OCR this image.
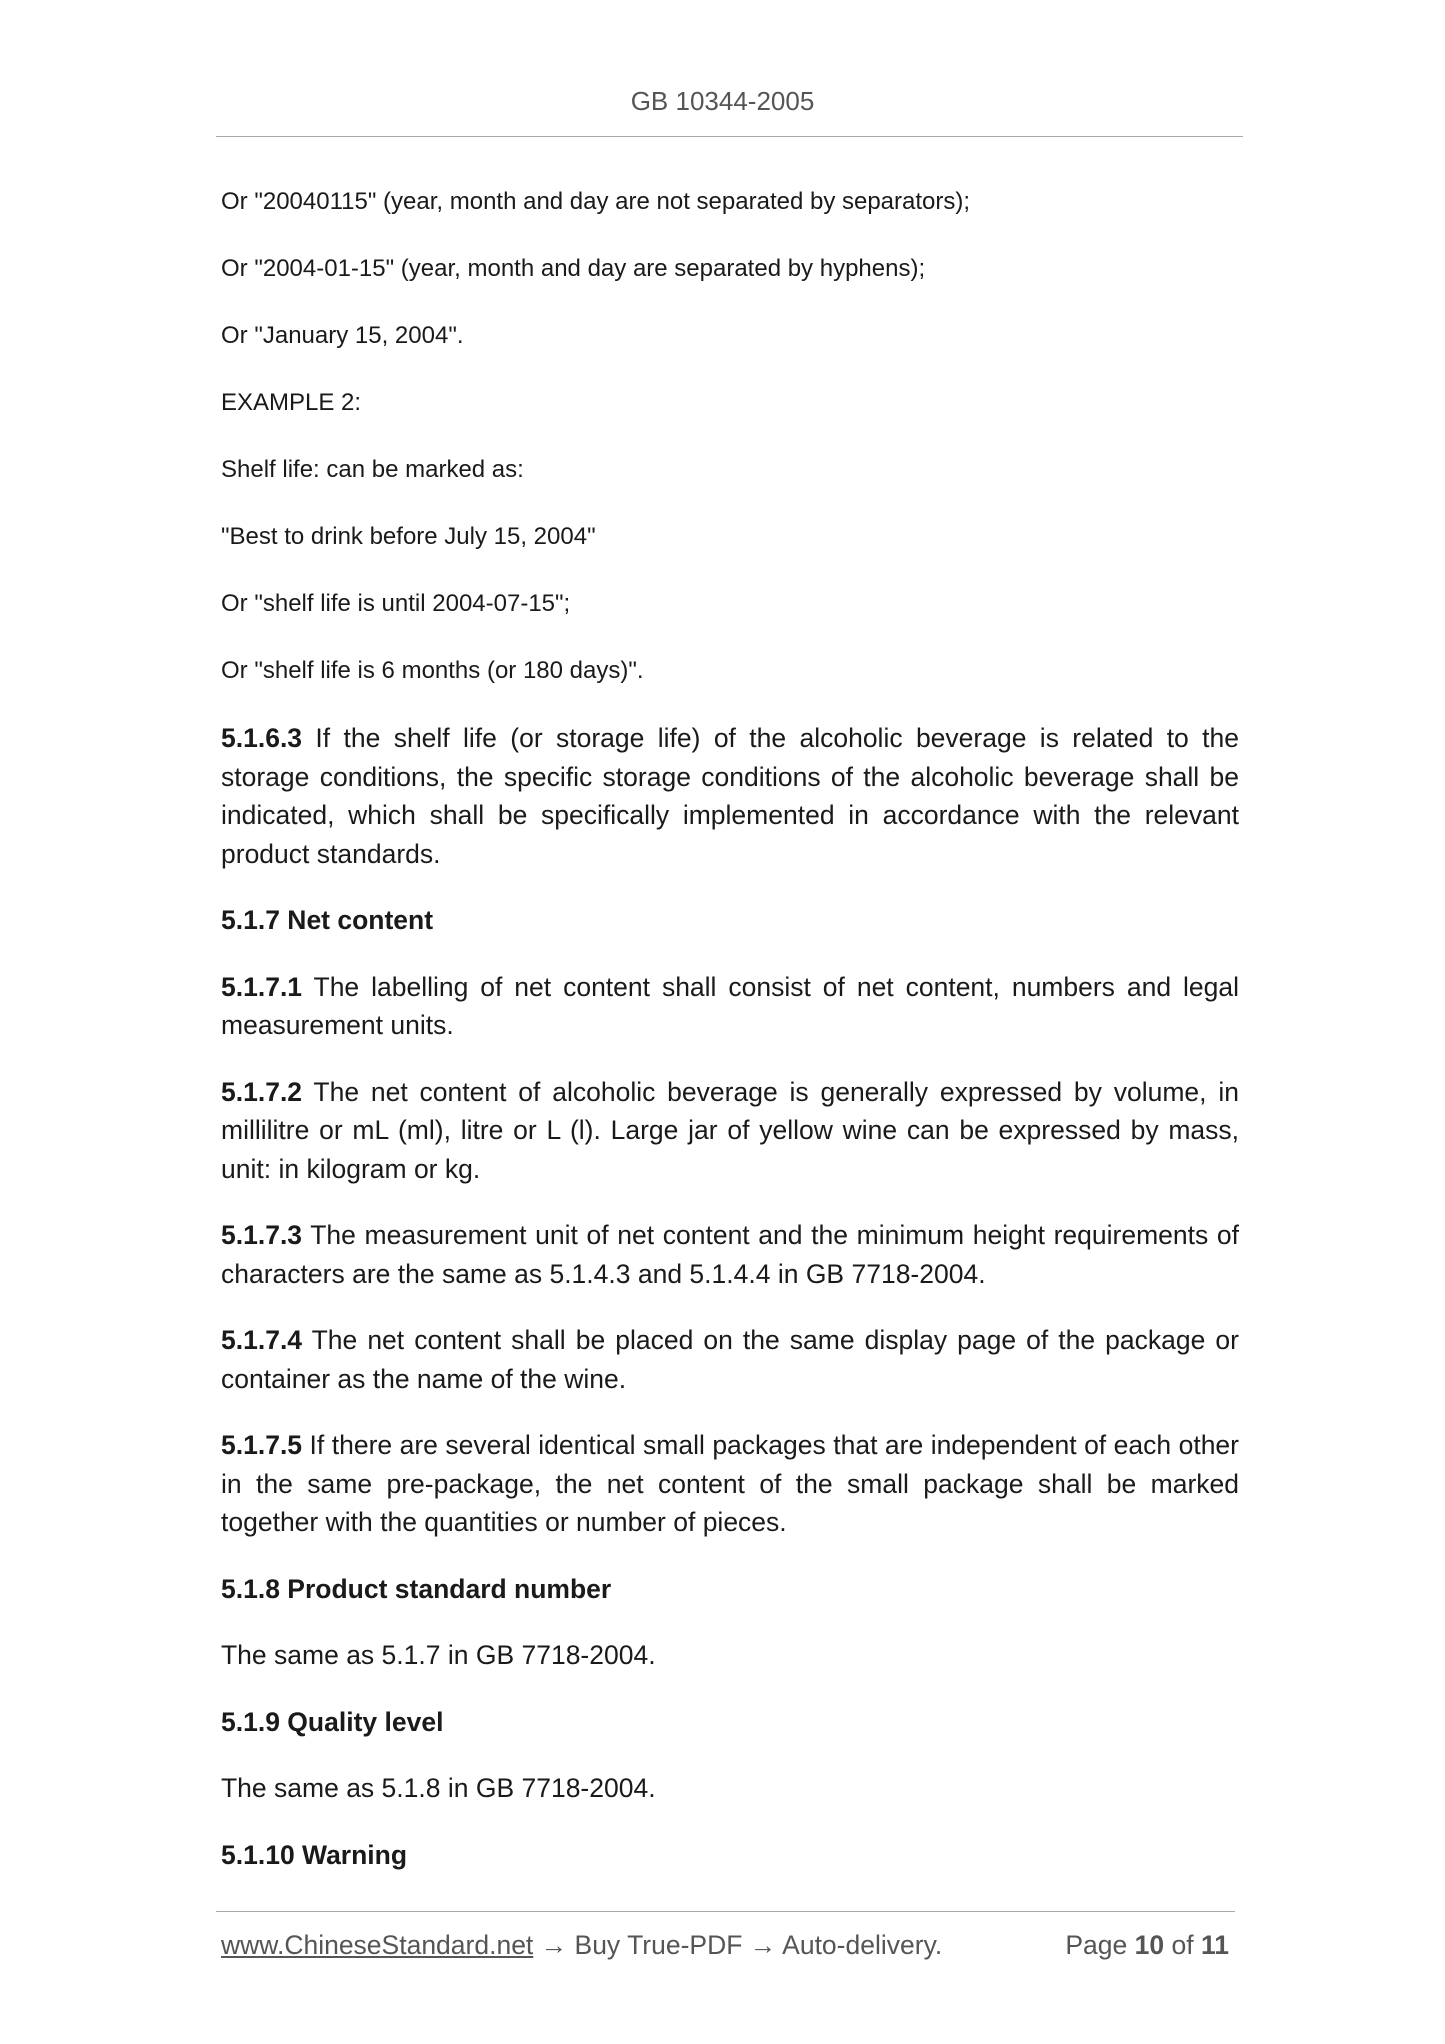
GB 10344-2005

Or "20040115" (year, month and day are not separated by separators);

Or "2004-01-15" (year, month and day are separated by hyphens);

Or "January 15, 2004".

EXAMPLE 2:

Shelf life: can be marked as:

"Best to drink before July 15, 2004"

Or "shelf life is until 2004-07-15";

Or "shelf life is 6 months (or 180 days)".

5.1.6.3 If the shelf life (or storage life) of the alcoholic beverage is related to the storage conditions, the specific storage conditions of the alcoholic beverage shall be indicated, which shall be specifically implemented in accordance with the relevant product standards.

5.1.7 Net content

5.1.7.1 The labelling of net content shall consist of net content, numbers and legal measurement units.

5.1.7.2 The net content of alcoholic beverage is generally expressed by volume, in millilitre or mL (ml), litre or L (l). Large jar of yellow wine can be expressed by mass, unit: in kilogram or kg.

5.1.7.3 The measurement unit of net content and the minimum height requirements of characters are the same as 5.1.4.3 and 5.1.4.4 in GB 7718-2004.

5.1.7.4 The net content shall be placed on the same display page of the package or container as the name of the wine.

5.1.7.5 If there are several identical small packages that are independent of each other in the same pre-package, the net content of the small package shall be marked together with the quantities or number of pieces.

5.1.8 Product standard number

The same as 5.1.7 in GB 7718-2004.

5.1.9 Quality level

The same as 5.1.8 in GB 7718-2004.

5.1.10 Warning

www.ChineseStandard.net → Buy True-PDF → Auto-delivery.	Page 10 of 11
